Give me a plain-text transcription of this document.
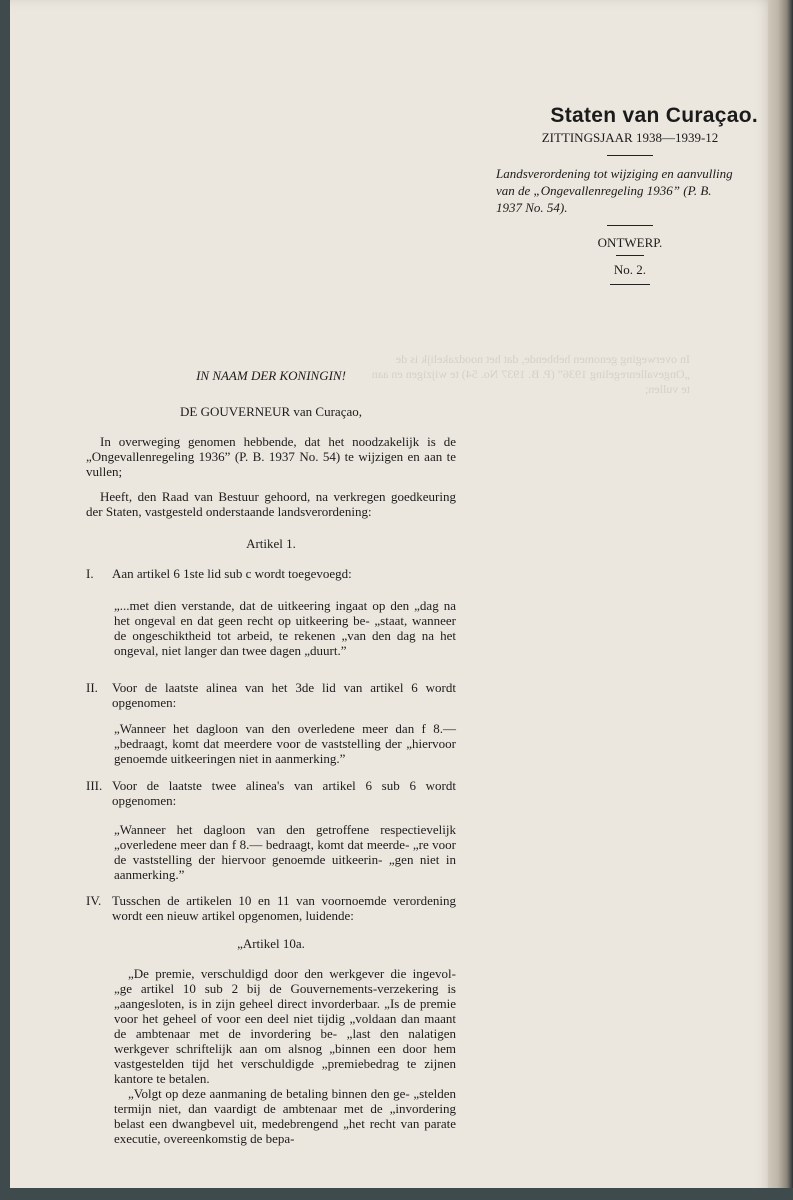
In overweging genomen hebbende, dat het noodzakelijk is de „Ongevallenregeling 1936” (P. B. 1937 No. 54) te wijzigen en aan te vullen;
Staten van Curaçao.
ZITTINGSJAAR 1938—1939-12
Landsverordening tot wijziging en aanvulling
van de „Ongevallenregeling 1936” (P. B.
1937 No. 54).
ONTWERP.
No. 2.
IN NAAM DER KONINGIN!
DE GOUVERNEUR van Curaçao,

In overweging genomen hebbende, dat het noodzakelijk is de „Ongevallenregeling 1936” (P. B. 1937 No. 54) te wijzigen en aan te vullen;

Heeft, den Raad van Bestuur gehoord, na verkregen goedkeuring der Staten, vastgesteld onderstaande landsverordening:

Artikel 1.
I.	Aan artikel 6 1ste lid sub c wordt toegevoegd:
„...met dien verstande, dat de uitkeering ingaat op den „dag na het ongeval en dat geen recht op uitkeering be- „staat, wanneer de ongeschiktheid tot arbeid, te rekenen „van den dag na het ongeval, niet langer dan twee dagen „duurt.”
II.	Voor de laatste alinea van het 3de lid van artikel 6 wordt opgenomen:
„Wanneer het dagloon van den overledene meer dan f 8.— „bedraagt, komt dat meerdere voor de vaststelling der „hiervoor genoemde uitkeeringen niet in aanmerking.”
III. Voor de laatste twee alinea's van artikel 6 sub 6 wordt opgenomen:
„Wanneer het dagloon van den getroffene respectievelijk „overledene meer dan f 8.— bedraagt, komt dat meerde- „re voor de vaststelling der hiervoor genoemde uitkeerin- „gen niet in aanmerking.”
IV. Tusschen de artikelen 10 en 11 van voornoemde verordening wordt een nieuw artikel opgenomen, luidende:
„Artikel 10a.

„De premie, verschuldigd door den werkgever die ingevol- „ge artikel 10 sub 2 bij de Gouvernements-verzekering is „aangesloten, is in zijn geheel direct invorderbaar. „Is de premie voor het geheel of voor een deel niet tijdig „voldaan dan maant de ambtenaar met de invordering be- „last den nalatigen werkgever schriftelijk aan om alsnog „binnen een door hem vastgestelden tijd het verschuldigde „premiebedrag te zijnen kantore te betalen.

„Volgt op deze aanmaning de betaling binnen den ge- „stelden termijn niet, dan vaardigt de ambtenaar met de „invordering belast een dwangbevel uit, medebrengend „het recht van parate executie, overeenkomstig de bepa-
